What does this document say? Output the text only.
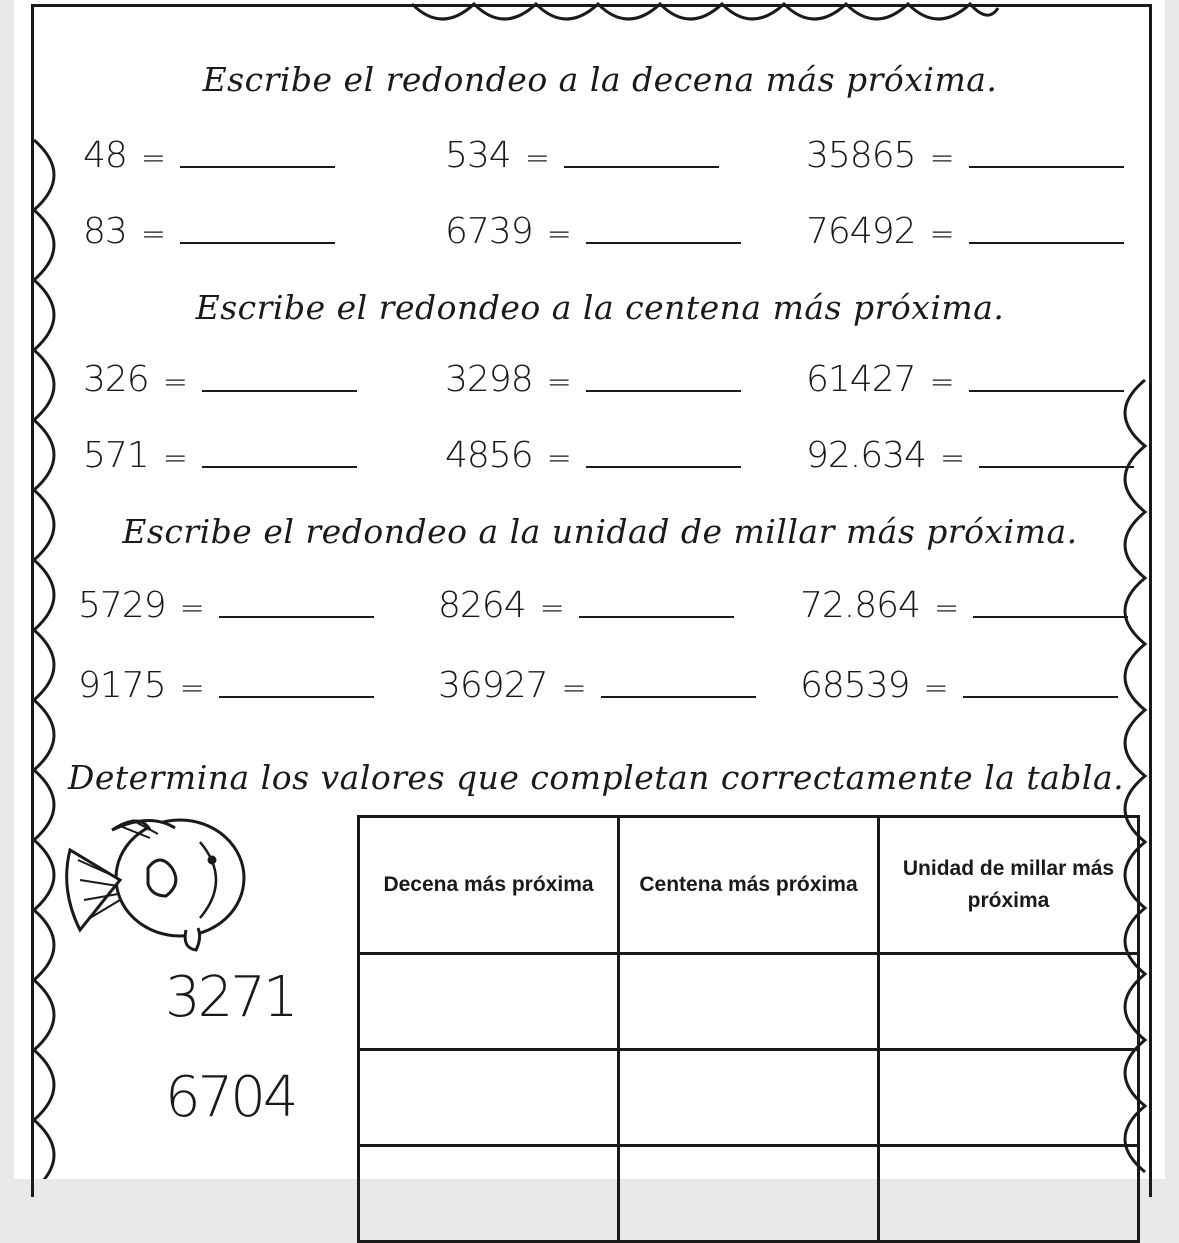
Escribe el redondeo a la decena más próxima.
48 =	534 =	35865 =
83 =	6739 =	76492 =
Escribe el redondeo a la centena más próxima.
326 =	3298 =	61427 =
571 =	4856 =	92.634 =
Escribe el redondeo a la unidad de millar más próxima.
5729 =	8264 =	72.864 =
9175 =	36927 =	68539 =
Determina los valores que completan correctamente la tabla.
Decena más próxima	Centena más próxima	Unidad de millar más próxima

3271
6704
